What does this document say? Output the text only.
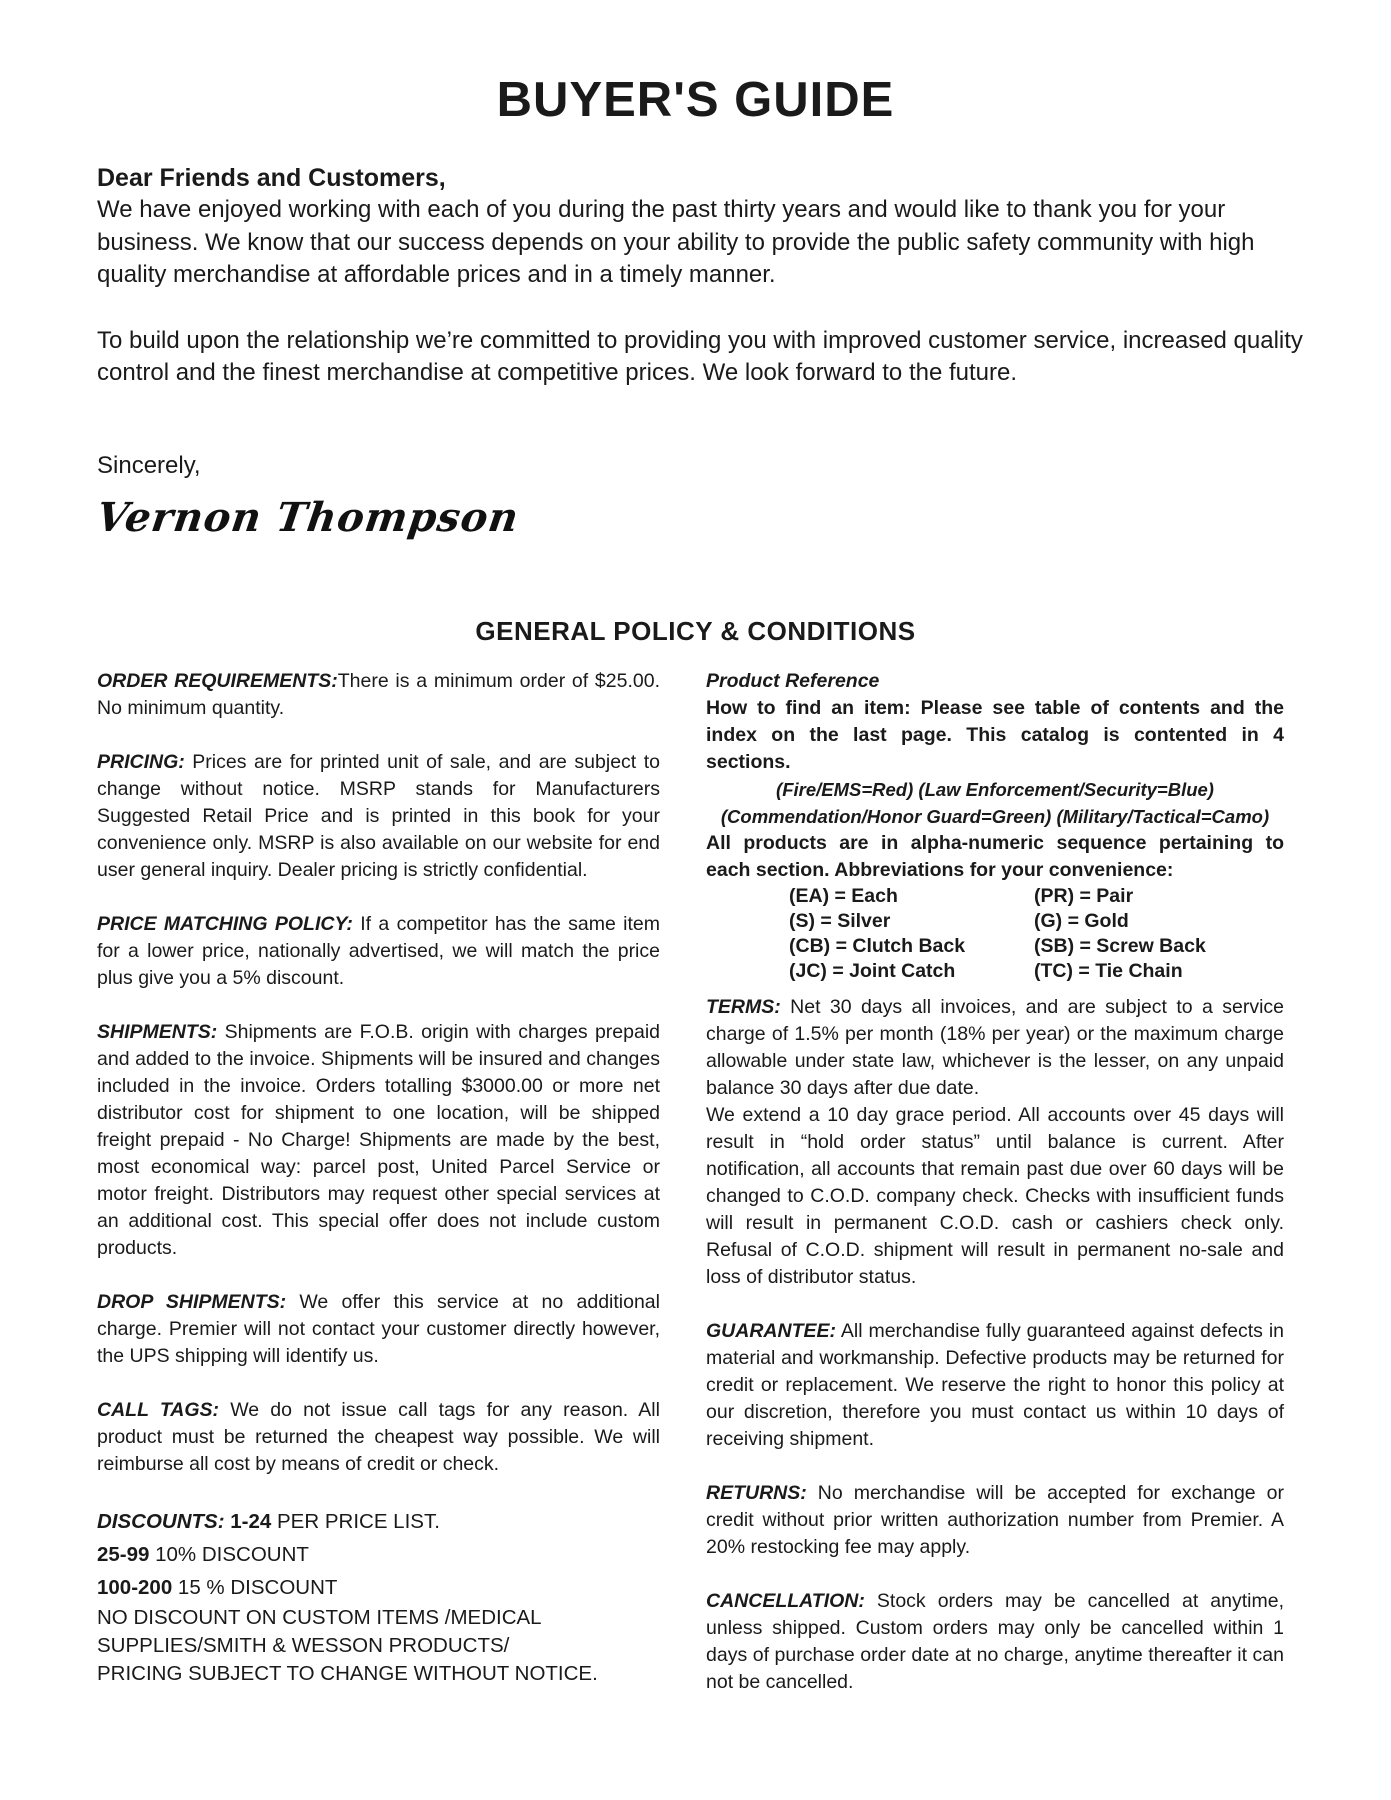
BUYER'S GUIDE
Dear Friends and Customers,

We have enjoyed working with each of you during the past thirty years and would like to thank you for your business. We know that our success depends on your ability to provide the public safety community with high quality merchandise at affordable prices and in a timely manner.

To build upon the relationship we’re committed to providing you with improved customer service, increased quality control and the finest merchandise at competitive prices. We look forward to the future.

Sincerely,
Vernon Thompson
GENERAL POLICY & CONDITIONS
ORDER REQUIREMENTS:There is a minimum order of $25.00. No minimum quantity.
PRICING: Prices are for printed unit of sale, and are subject to change without notice. MSRP stands for Manufacturers Suggested Retail Price and is printed in this book for your convenience only. MSRP is also available on our website for end user general inquiry. Dealer pricing is strictly confidential.
PRICE MATCHING POLICY: If a competitor has the same item for a lower price, nationally advertised, we will match the price plus give you a 5% discount.
SHIPMENTS: Shipments are F.O.B. origin with charges prepaid and added to the invoice. Shipments will be insured and changes included in the invoice. Orders totalling $3000.00 or more net distributor cost for shipment to one location, will be shipped freight prepaid - No Charge! Shipments are made by the best, most economical way: parcel post, United Parcel Service or motor freight. Distributors may request other special services at an additional cost. This special offer does not include custom products.
DROP SHIPMENTS: We offer this service at no additional charge. Premier will not contact your customer directly however, the UPS shipping will identify us.
CALL TAGS: We do not issue call tags for any reason. All product must be returned the cheapest way possible. We will reimburse all cost by means of credit or check.
DISCOUNTS: 1-24 PER PRICE LIST.
25-99 10% DISCOUNT
100-200 15 % DISCOUNT
NO DISCOUNT ON CUSTOM ITEMS /MEDICAL
SUPPLIES/SMITH & WESSON PRODUCTS/
PRICING SUBJECT TO CHANGE WITHOUT NOTICE.
Product Reference
How to find an item: Please see table of contents and the index on the last page. This catalog is contented in 4 sections.
(Fire/EMS=Red) (Law Enforcement/Security=Blue)
(Commendation/Honor Guard=Green) (Military/Tactical=Camo)
All products are in alpha-numeric sequence pertaining to each section. Abbreviations for your convenience:
(EA) = Each	(PR) = Pair
(S) = Silver	(G) = Gold
(CB) = Clutch Back	(SB) = Screw Back
(JC) = Joint Catch	(TC) = Tie Chain
TERMS: Net 30 days all invoices, and are subject to a service charge of 1.5% per month (18% per year) or the maximum charge allowable under state law, whichever is the lesser, on any unpaid balance 30 days after due date.
We extend a 10 day grace period. All accounts over 45 days will result in “hold order status” until balance is current. After notification, all accounts that remain past due over 60 days will be changed to C.O.D. company check. Checks with insufficient funds will result in permanent C.O.D. cash or cashiers check only. Refusal of C.O.D. shipment will result in permanent no-sale and loss of distributor status.
GUARANTEE: All merchandise fully guaranteed against defects in material and workmanship. Defective products may be returned for credit or replacement. We reserve the right to honor this policy at our discretion, therefore you must contact us within 10 days of receiving shipment.
RETURNS: No merchandise will be accepted for exchange or credit without prior written authorization number from Premier. A 20% restocking fee may apply.
CANCELLATION: Stock orders may be cancelled at anytime, unless shipped. Custom orders may only be cancelled within 1 days of purchase order date at no charge, anytime thereafter it can not be cancelled.
